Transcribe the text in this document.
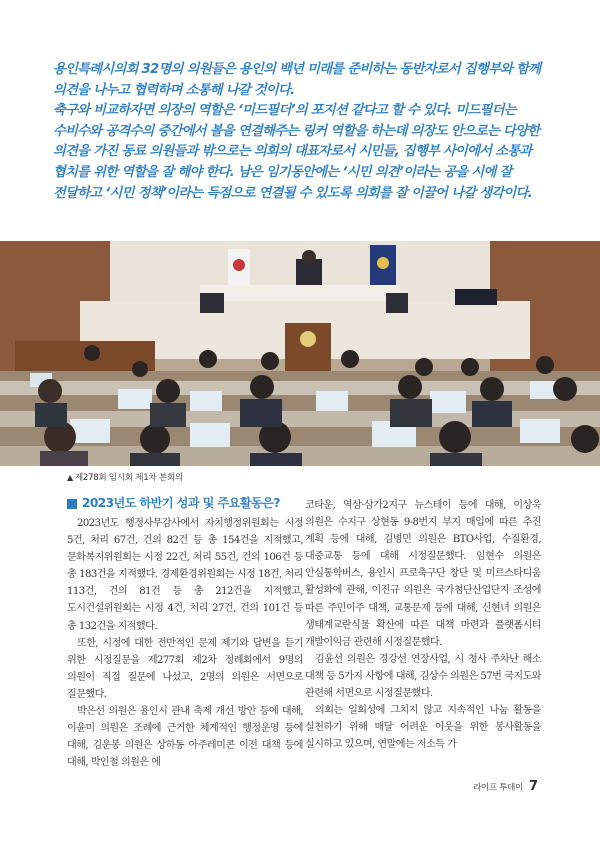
용인특례시의회 32명의 의원들은 용인의 백년 미래를 준비하는 동반자로서 집행부와 함께 의견을 나누고 협력하며 소통해 나갈 것이다.

축구와 비교하자면 의장의 역할은 ‘미드필더’의 포지션 같다고 할 수 있다. 미드필더는 수비수와 공격수의 중간에서 볼을 연결해주는 링커 역할을 하는데 의장도 안으로는 다양한 의견을 가진 동료 의원들과 밖으로는 의회의 대표자로서 시민들, 집행부 사이에서 소통과 협치를 위한 역할을 잘 해야 한다. 남은 임기동안에는 ‘시민 의견’이라는 공을 시에 잘 전달하고 ‘시민 정책’이라는 득점으로 연결될 수 있도록 의회를 잘 이끌어 나갈 생각이다.

▲ 제278회 임시회 제1차 본회의
2023년도 하반기 성과 및 주요활동은?

2023년도 행정사무감사에서 자치행정위원회는 시정 5건, 처리 67건, 건의 82건 등 총 154건을 지적했고, 문화복지위원회는 시정 22건, 처리 55건, 건의 106건 등 총 183건을 지적했다. 경제환경위원회는 시정 18건, 처리 113건, 건의 81건 등 총 212건을 지적했고, 도시건설위원회는 시정 4건, 처리 27건, 건의 101건 등 총 132건을 지적했다.

또한, 시정에 대한 전반적인 문제 제기와 답변을 듣기 위한 시정질문을 제277회 제2차 정례회에서 9명의 의원이 직접 질문에 나섰고, 2명의 의원은 서면으로 질문했다.

박은선 의원은 용인시 관내 축제 개선 방안 등에 대해, 이윤미 의원은 조례에 근거한 체계적인 행정운영 등에 대해, 김운봉 의원은 상하동 아주레미콘 이전 대책 등에 대해, 박인철 의원은 에

코타운, 역삼·삼가2지구 뉴스테이 등에 대해, 이상욱 의원은 수지구 상현동 9-8번지 부지 매입에 따른 추진 계획 등에 대해, 김병민 의원은 BTO사업, 수질환경, 대중교통 등에 대해 시정질문했다. 임현수 의원은 안심통학버스, 용인시 프로축구단 창단 및 미르스타디움 활성화에 관해, 이진규 의원은 국가첨단산업단지 조성에 따른 주민이주 대책, 교통문제 등에 대해, 신현녀 의원은 생태계교란식물 확산에 따른 대책 마련과 플랫폼시티 개발이익금 관련해 시정질문했다.

김윤선 의원은 경강선 연장사업, 시 청사 주차난 해소 대책 등 5가지 사항에 대해, 김상수 의원은 57번 국지도와 관련해 서면으로 시정질문했다.

의회는 일회성에 그치지 않고 지속적인 나눔 활동을 실천하기 위해 매달 어려운 이웃을 위한 봉사활동을 실시하고 있으며, 연말에는 저소득 가

라이프 투데이 7
